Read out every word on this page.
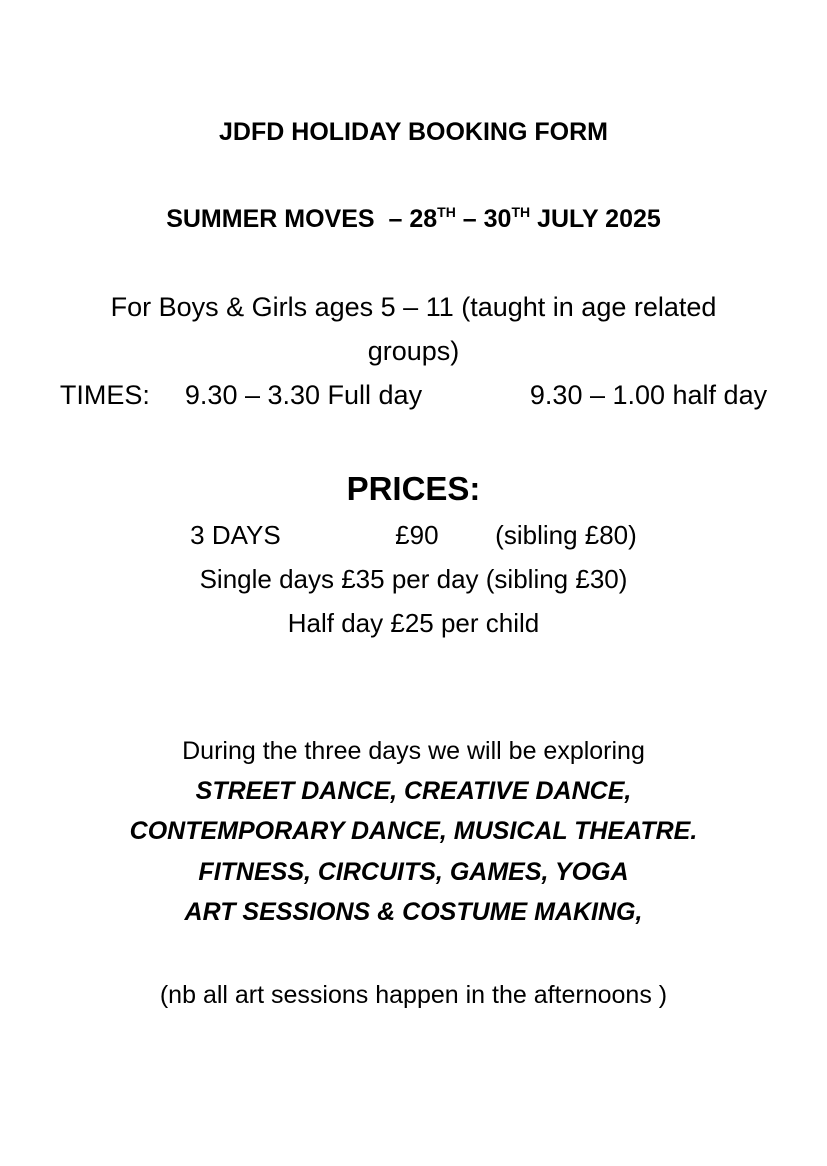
JDFD HOLIDAY BOOKING FORM
SUMMER MOVES – 28TH – 30TH JULY 2025
For Boys & Girls ages 5 – 11 (taught in age related
groups)
TIMES: 9.30 – 3.30 Full day	9.30 – 1.00 half day
PRICES:
3 DAYS	£90 (sibling £80)
Single days £35 per day (sibling £30)
Half day £25 per child
During the three days we will be exploring
STREET DANCE, CREATIVE DANCE,
CONTEMPORARY DANCE, MUSICAL THEATRE.
FITNESS, CIRCUITS, GAMES, YOGA
ART SESSIONS & COSTUME MAKING,
(nb all art sessions happen in the afternoons )
